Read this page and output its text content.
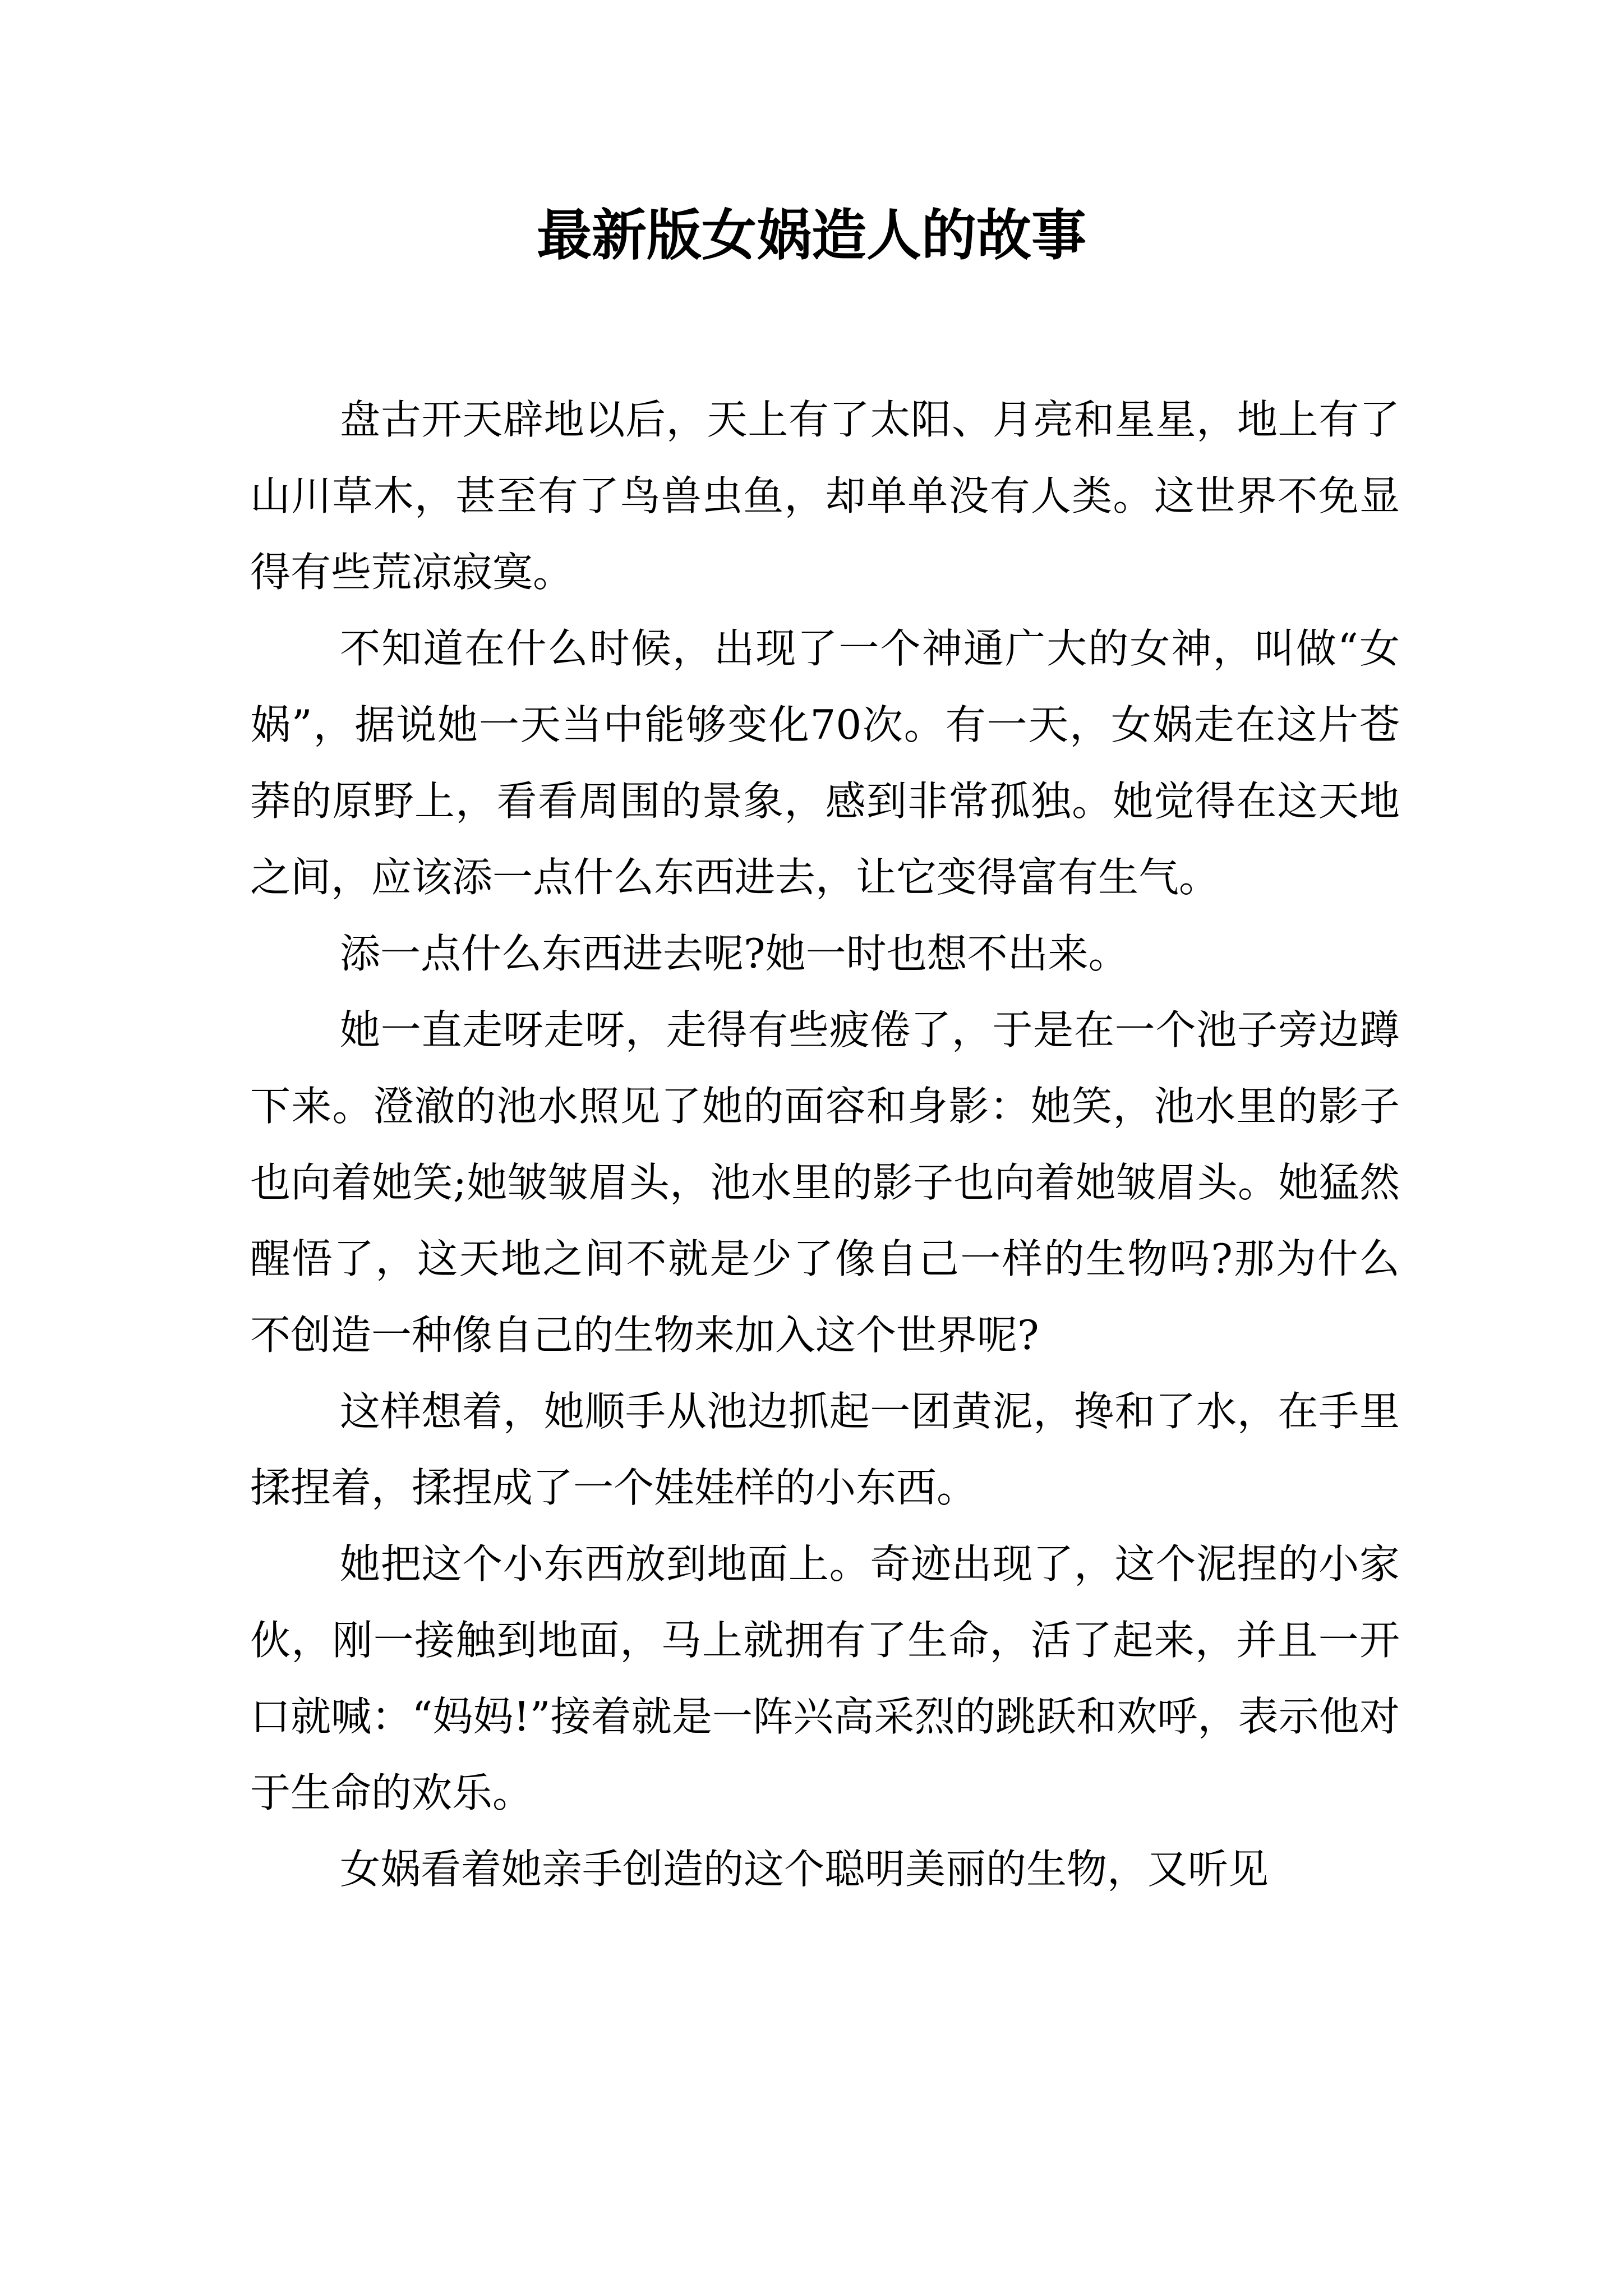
最新版女娲造人的故事

盘古开天辟地以后，天上有了太阳、月亮和星星，地上有了山川草木，甚至有了鸟兽虫鱼，却单单没有人类。这世界不免显得有些荒凉寂寞。

不知道在什么时候，出现了一个神通广大的女神，叫做“女娲”，据说她一天当中能够变化70次。有一天，女娲走在这片苍莽的原野上，看看周围的景象，感到非常孤独。她觉得在这天地之间，应该添一点什么东西进去，让它变得富有生气。

添一点什么东西进去呢?她一时也想不出来。

她一直走呀走呀，走得有些疲倦了，于是在一个池子旁边蹲下来。澄澈的池水照见了她的面容和身影：她笑，池水里的影子也向着她笑;她皱皱眉头，池水里的影子也向着她皱眉头。她猛然醒悟了，这天地之间不就是少了像自己一样的生物吗?那为什么不创造一种像自己的生物来加入这个世界呢?

这样想着，她顺手从池边抓起一团黄泥，搀和了水，在手里揉捏着，揉捏成了一个娃娃样的小东西。

她把这个小东西放到地面上。奇迹出现了，这个泥捏的小家伙，刚一接触到地面，马上就拥有了生命，活了起来，并且一开口就喊：“妈妈!”接着就是一阵兴高采烈的跳跃和欢呼，表示他对于生命的欢乐。

女娲看着她亲手创造的这个聪明美丽的生物，又听见
